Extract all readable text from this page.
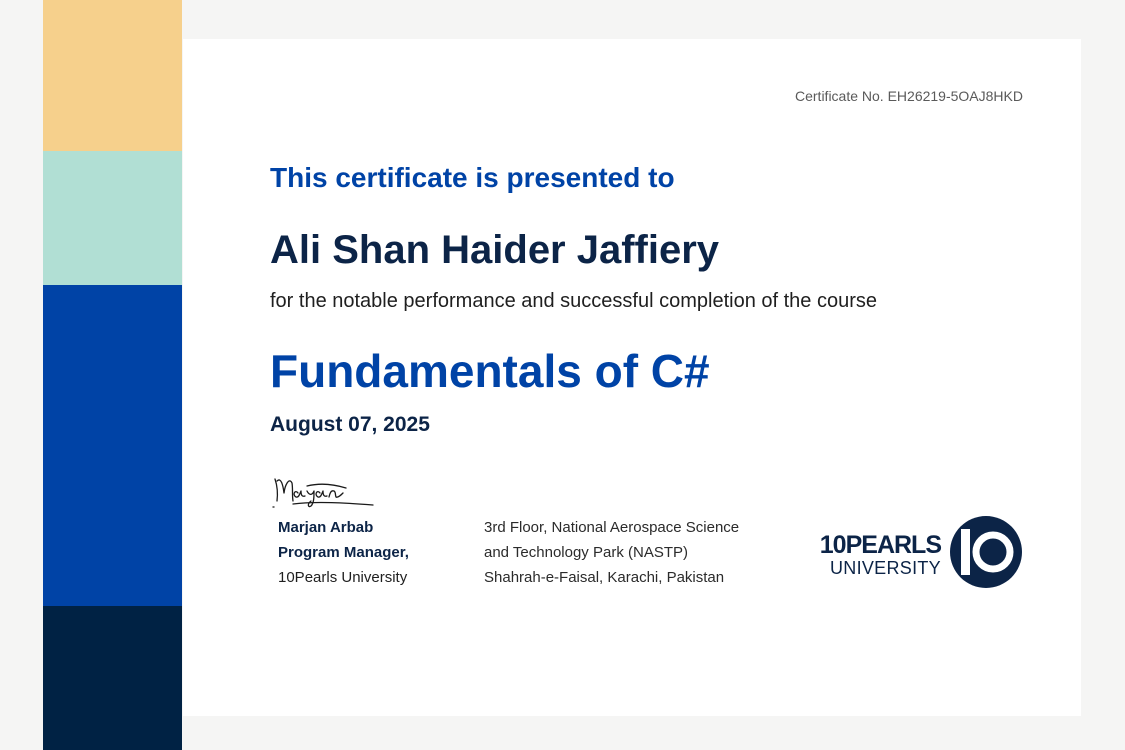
Certificate No. EH26219-5OAJ8HKD
This certificate is presented to
Ali Shan Haider Jaffiery
for the notable performance and successful completion of the course
Fundamentals of C#
August 07, 2025
Marjan Arbab
Program Manager,
10Pearls University
3rd Floor, National Aerospace Science
and Technology Park (NASTP)
Shahrah-e-Faisal, Karachi, Pakistan
10PEARLS
UNIVERSITY
